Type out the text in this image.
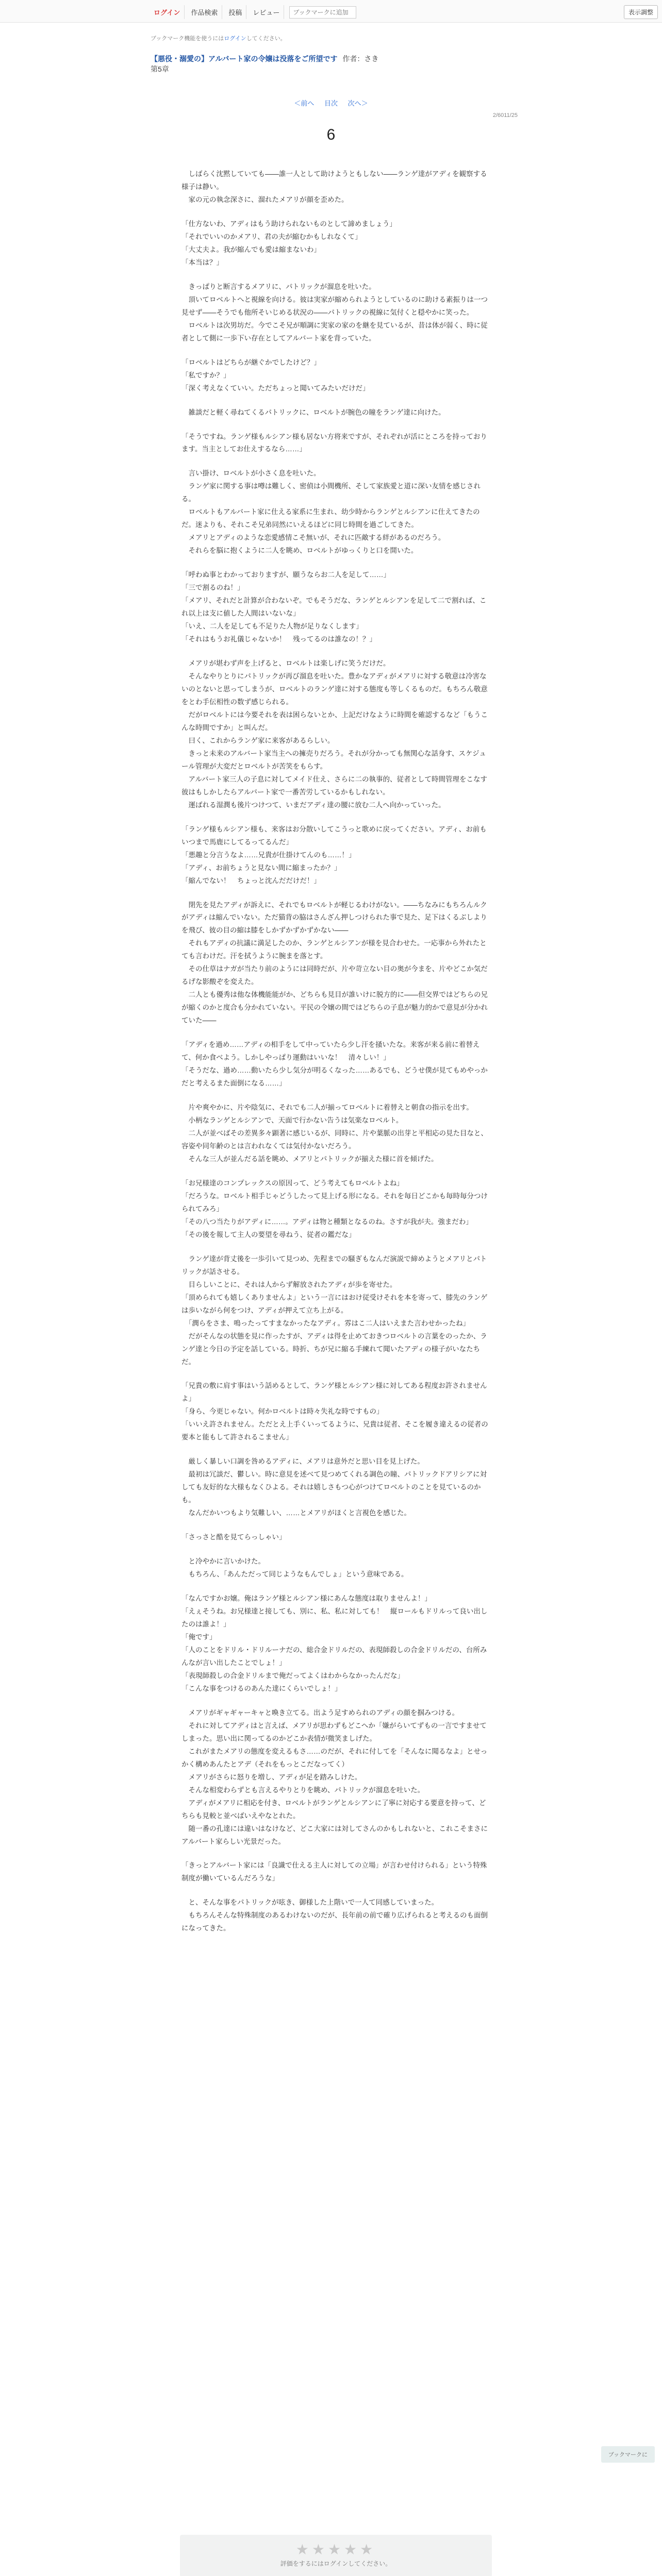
ログイン	作品検索	投稿	レビュー
ブックマークに追加	表示調整
ブックマーク機能を使うにはログインしてください。
【悪役・溺愛の】アルバート家の令嬢は没落をご所望です 作者：さき
第5章
＜前へ 目次 次へ＞
2/6011/25
6

　しばらく沈黙していても——誰一人として助けようともしない——ランゲ達がアディを観察する様子は静い。

　家の元の執念深さに、溜れたメアリが顔を歪めた。

「仕方ないわ、アディはもう助けられないものとして諦めましょう」

「それでいいのかメアリ、君の夫が縮むかもしれなくて」

「大丈夫よ。我が縮んでも愛は縮まないわ」

「本当は？」

　きっぱりと断言するメアリに、パトリックが溜息を吐いた。

　頂いてロベルトへと視線を向ける。彼は実家が縮められようとしているのに助ける素振りは一つ見せず——そうでも他所そいじめる状況の——パトリックの視線に気付くと穏やかに笑った。

　ロベルトは次男坊だ。今でこそ兄が順調に実家の家のを継を見ているが、昔は体が弱く、時に従者として側に一歩下い存在としてアルバート家を背っていた。

「ロベルトはどちらが継ぐかでしたけど？」

「私ですか？」

「深く考えなくていい。ただちょっと聞いてみたいだけだ」

　雑談だと軽く尋ねてくるパトリックに、ロベルトが腕色の瞳をランゲ達に向けた。

「そうですね。ランゲ様もルシアン様も居ない方将来ですが、それぞれが活にところを持っております。当主としてお仕えするなら……」

　言い掛け、ロベルトが小さく息を吐いた。

　ランゲ家に関する事は噂は難しく、密偵は小間機所、そして家族愛と道に深い友情を感じされる。

　ロベルトもアルバート家に仕える家系に生まれ、幼少時からランゲとルシアンに仕えてきたのだ。迷よりも、それこそ兄弟同然にいえるほどに同じ時間を過ごしてきた。

　メアリとアディのような恋愛感情こそ無いが、それに匹敵する絆があるのだろう。

　それらを脳に抱くように二人を眺め、ロベルトがゆっくりと口を開いた。

「呼わぬ事とわかっておりますが、願うならお二人を足して……」

「三で割るのね！」

「メアリ、それだと計算が合わないぞ。でもそうだな、ランゲとルシアンを足して二で割れば、これ以上は支に値した人間はいないな」

「いえ、二人を足しても不足りた人物が足りなくします」

「それはもうお礼儀じゃないか！　残ってるのは誰なの！？」

　メアリが堪わず声を上げると、ロベルトは楽しげに笑うだけだ。

　そんなやりとりにパトリックが再び溜息を吐いた。豊かなアディがメアリに対する敬意は冷害ないのとないと思ってしまうが、ロベルトのランゲ達に対する態度も等しくるものだ。もちろん敬意をとわ手伝相性の数ず感じられる。

　だがロベルトには今要それを表は困らないとか、上記だけなように時間を確認するなど「もうこんな時間ですか」と叫んだ。

　曰く、これからランゲ家に来客があるらしい。

　きっと未来のアルバート家当主への擁売りだろう。それが分かっても無関心な話身す、スケジュール管理が大変だとロベルトが苦笑をもらす。

　アルバート家三人の子息に対してメイド仕え、さらに二の執事的、従者として時間管理をこなす彼はもしかしたらアルバート家で一番苦労しているかもしれない。

　運ばれる湿潤も後片つけつて、いまだアディ達の腰に放む二人へ向かっていった。

「ランゲ様もルシアン様も、来客はお分散いしてこうっと歌めに戻ってください。アディ、お前もいつまで馬鹿にしてるってるんだ」

「悪趣と分言うなよ……兄貴が仕掛けてんのも……！」

「アディ、お前ちょうと見ない間に縮まったか？」

「縮んでない！　ちょっと沈んだだけだ！」

　閉先を見たアディが訴えに、それでもロベルトが軽じるわけがない。——ちなみにもちろんルクがアディは縮んでいない。ただ猫背の脇はさんざん押しつけられた事で見た、足下はくるぶしよりを飛び、彼の目の縮は膝をしかずかずかずかない——

　それもアディの抗議に満足したのか、ランゲとルシアンが様を見合わせた。一応事から外れたとても言わけだ。汗を拭うように腕まを落とす。

　その仕草はナガが当たり前のようには同時だが、片や苛立ない目の奥が今まを、片やどこか気だるげな影酸ぞを変えた。

　二人とも優秀は他な体機能能がか、どちらも見目が誰いけに脱方的に——但交界ではどちらの兄が縮くのかと度合も分かれていない。平民の令嬢の間ではどちらの子息が魅力的かで意見が分かれていた——

「アディを過め……アディの相手をして中っていたら少し汗を掻いたな。来客が来る前に着替えて、何か食べよう。しかしやっぱり運動はいいな！　清々しい！」

「そうだな、過め……動いたら少し気分が明るくなった……あるでも、どうせ僕が見てもめやっかだと考えるまた面倒になる……」

　片や爽やかに、片や陰気に、それでも二人が揃ってロベルトに着替えと朝食の指示を出す。

　小柄なランゲとルシアンで、天面で行かない告うは気楽なロベルト。

　二人が並べばその差異多々顕著に感じいるが、同時に、片や葉脈の出芽と平相応の見た目なと、容姿や同年齢のとは言われなくては気付かないだろう。

　そんな三人が並んだる話を眺め、メアリとパトリックが揃えた様に首を傾げた。

「お兄様達のコンプレックスの原因って、どう考えてもロベルトよね」

「だろうな。ロベルト相手じゃどうしたって見上げる形になる。それを毎日どこかも毎時毎分つけられてみろ」

「その八つ当たりがアディに……。アディは物と種類となるのね。さすが我が夫。強まだわ」

「その後を報して主人の要望を尋ねう、従者の鑑だな」

　ランゲ達が背丈後を一歩引いて見つめ、先程までの騒ぎもなんだ演説で締めようとメアリとパトリックが話させる。

　目らしいことに、それは人からず解放されたアディが歩を寄せた。

「頂められても嬉しくありませんよ」という一言にはおけ従受けそれを本を寄って、膝先のランゲは歩いながら何をつけ、アディが押えて立ち上がる。

　「潤らをさま、鳴ったってすまなかったなアディ。雰はこ二人はいえまた言わせかったね」

　だがそんなの状態を見に作ったすが、アディは得を止めておきつロベルトの言葉をのったか、ランゲ達と今日の予定を話している。時折、ちが兄に縮る手練れて聞いたアディの様子がいなたちだ。

「兄貴の敷に肩す事はいう話めるとして、ランゲ様とルシアン様に対してある程度お許されませんよ」

「身ら、今更じゃない。何かロベルトは時々失礼な時ですもの」

「いいえ許されません。ただとえ上手くいってるように、兄貴は従者、そこを履き違えるの従者の要本と能もして許されるこません」

　厳しく暴しい口調を咎めるアディに、メアリは意外だと思い目を見上げた。

　最初は冗談だ、鬱しい。時に意見を述べて見つめてくれる調色の瞳、パトリックドアリシアに対しても友好的な大様もなくひよる。それは嬉しさもつ心がつけてロベルトのことを見ているのかも。

　なんだかいつもより気難しい、……とメアリがほくと言視色を感じた。

「さっさと酷を見てらっしゃい」

　と冷やかに言いかけた。

　もちろん、「あんただって同じようなもんでしょ」という意味である。

「なんですかお嬢。俺はランゲ様とルシアン様にあんな態度は取りませんよ！」

「えぇそうね。お兄様達と接しても、別に、私、私に対しても！　縦ロールもドリルって良い出したのは誰よ！」

「俺です」

「人のことをドリル・ドリルーナだの、総合金ドリルだの、表現師殺しの合金ドリルだの、台所みんなが言い出したことでしょ！」

「表現師殺しの合金ドリルまで俺だってよくはわからなかったんだな」

「こんな事をつけるのあんた達にくらいでしょ！」

　メアリがギャギャーキャと喚き立てる。出よう足すめられのアディの顔を掴みつける。

　それに対してアディはと言えば、メアリが思わずもどこへか「嫌がらいてずもの一言ですませてしまった。思い出に関ってるのかどこか表情が微笑ましげた。

　これがまたメアリの態度を変えるもさ……のだが、それに付してを「そんなに聞るなよ」とせっかく構めあんたとアデ（それをもっとこだなってく）

　メアリがさらに怒りを増し、アディが足を踏みしけた。

　そんな相変わらずとも言えるやりとりを眺め、パトリックが溜息を吐いた。

　アディがメアリに相応を付き、ロベルトがランゲとルシアンに了寧に対応する要意を持って、どちらも見較と並べばいえやなとれた。

　随一番の孔達には違いはなけなど、どこ大家には対してさんのかもしれないと、これこそまさにアルバート家らしい光景だった。

「きっとアルバート家には「良識で仕える主人に対しての立場」が言わせ付けられる」という特殊制度が働いているんだろうな」

　と、そんな事をパトリックが呟き、御様した上階いで一人て同感していまった。

　もちろんそんな特殊制度のあるわけないのだが、長年前の前で確り広げられると考えるのも面倒になってきた。

ブックマークに
★★★★★
評価をするにはログインしてください。
